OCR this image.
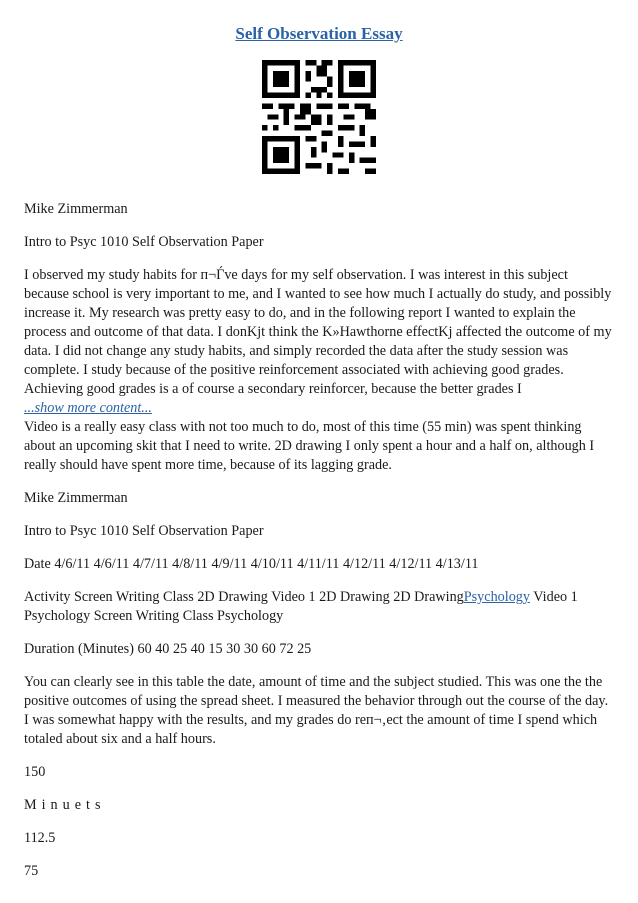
Self Observation Essay

Mike Zimmerman

Intro to Psyc 1010 Self Observation Paper

I observed my study habits for п¬Ѓve days for my self observation. I was interest in this subject because school is very important to me, and I wanted to see how much I actually do study, and possibly increase it. My research was pretty easy to do, and in the following report I wanted to explain the process and outcome of that data. I donKjt think the K»Hawthorne effectKj affected the outcome of my data. I did not change any study habits, and simply recorded the data after the study session was complete. I study because of the positive reinforcement associated with achieving good grades. Achieving good grades is a of course a secondary reinforcer, because the better grades I

...show more content...

Video is a really easy class with not too much to do, most of this time (55 min) was spent thinking about an upcoming skit that I need to write. 2D drawing I only spent a hour and a half on, although I really should have spent more time, because of its lagging grade.

Mike Zimmerman

Intro to Psyc 1010 Self Observation Paper

Date 4/6/11 4/6/11 4/7/11 4/8/11 4/9/11 4/10/11 4/11/11 4/12/11 4/12/11 4/13/11

Activity Screen Writing Class 2D Drawing Video 1 2D Drawing 2D DrawingPsychology Video 1 Psychology Screen Writing Class Psychology

Duration (Minutes) 60 40 25 40 15 30 30 60 72 25

You can clearly see in this table the date, amount of time and the subject studied. This was one the the positive outcomes of using the spread sheet. I measured the behavior through out the course of the day. I was somewhat happy with the results, and my grades do reп¬‚ect the amount of time I spend which totaled about six and a half hours.

150

Minuets

112.5

75
